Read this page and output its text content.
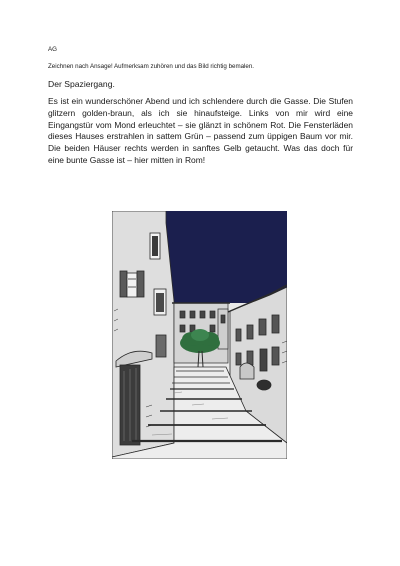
AG
Zeichnen nach Ansage! Aufmerksam zuhören und das Bild richtig bemalen.
Der Spaziergang.

Es ist ein wunderschöner Abend und ich schlendere durch die Gasse. Die Stufen glitzern golden-braun, als ich sie hinaufsteige. Links von mir wird eine Eingangstür vom Mond erleuchtet – sie glänzt in schönem Rot. Die Fensterläden dieses Hauses erstrahlen in sattem Grün – passend zum üppigen Baum vor mir. Die beiden Häuser rechts werden in sanftes Gelb getaucht. Was das doch für eine bunte Gasse ist – hier mitten in Rom!
